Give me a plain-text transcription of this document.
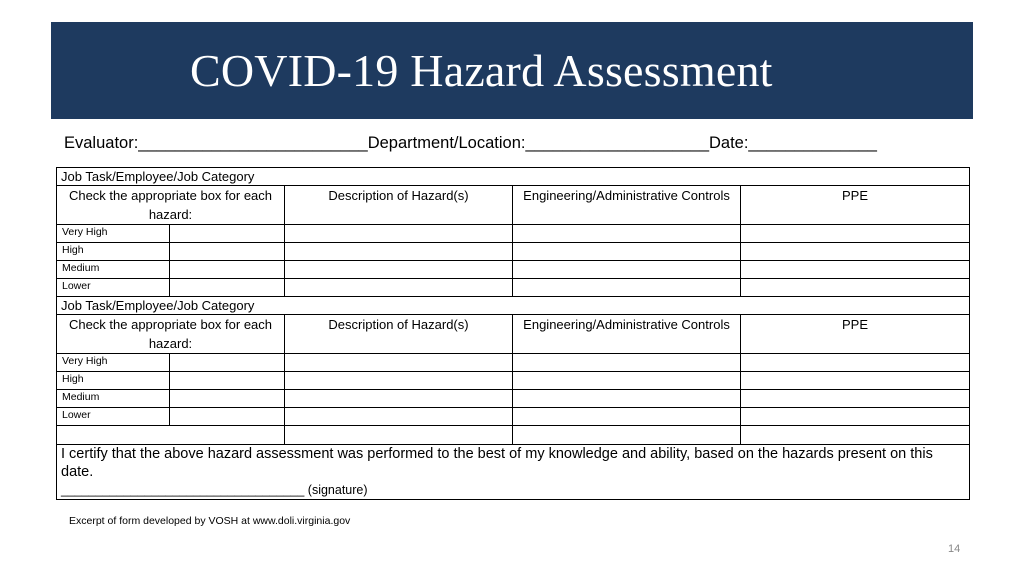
COVID-19 Hazard Assessment
Evaluator:_________________________Department/Location:____________________Date:______________
Job Task/Employee/Job Category				
Check the appropriate box for each hazard:		Description of Hazard(s)	Engineering/Administrative Controls	PPE
Very High				
High				
Medium				
Lower				
Job Task/Employee/Job Category				
Check the appropriate box for each hazard:		Description of Hazard(s)	Engineering/Administrative Controls	PPE
Very High				
High				
Medium				
Lower				

I certify that the above hazard assessment was performed to the best of my knowledge and ability, based on the hazards present on this date.
___________________________________ (signature)				
Excerpt of form developed by VOSH at www.doli.virginia.gov
14
